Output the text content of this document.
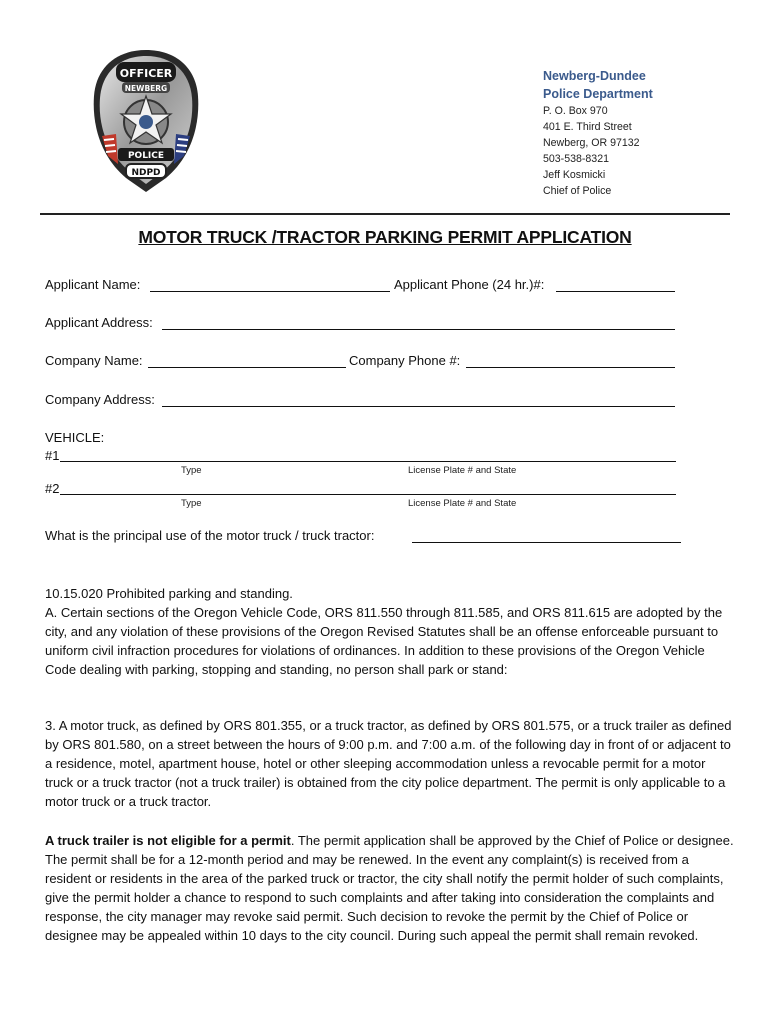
OFFICER
NEWBERG
POLICE
NDPD
Newberg-Dundee
Police Department
P. O. Box 970
401 E. Third Street
Newberg, OR 97132
503-538-8321
Jeff Kosmicki
Chief of Police
MOTOR TRUCK /TRACTOR PARKING PERMIT APPLICATION
Applicant Name:	Applicant Phone (24 hr.)#:
Applicant Address:
Company Name:	Company Phone #:
Company Address:
VEHICLE:
#1
Type	License Plate # and State
#2
Type	License Plate # and State
What is the principal use of the motor truck / truck tractor:
10.15.020 Prohibited parking and standing.
A. Certain sections of the Oregon Vehicle Code, ORS 811.550 through 811.585, and ORS 811.615 are adopted by the city, and any violation of these provisions of the Oregon Revised Statutes shall be an offense enforceable pursuant to uniform civil infraction procedures for violations of ordinances. In addition to these provisions of the Oregon Vehicle Code dealing with parking, stopping and standing, no person shall park or stand:
3. A motor truck, as defined by ORS 801.355, or a truck tractor, as defined by ORS 801.575, or a truck trailer as defined by ORS 801.580, on a street between the hours of 9:00 p.m. and 7:00 a.m. of the following day in front of or adjacent to a residence, motel, apartment house, hotel or other sleeping accommodation unless a revocable permit for a motor truck or a truck tractor (not a truck trailer) is obtained from the city police department. The permit is only applicable to a motor truck or a truck tractor.
A truck trailer is not eligible for a permit. The permit application shall be approved by the Chief of Police or designee. The permit shall be for a 12-month period and may be renewed. In the event any complaint(s) is received from a resident or residents in the area of the parked truck or tractor, the city shall notify the permit holder of such complaints, give the permit holder a chance to respond to such complaints and after taking into consideration the complaints and response, the city manager may revoke said permit. Such decision to revoke the permit by the Chief of Police or designee may be appealed within 10 days to the city council. During such appeal the permit shall remain revoked.
